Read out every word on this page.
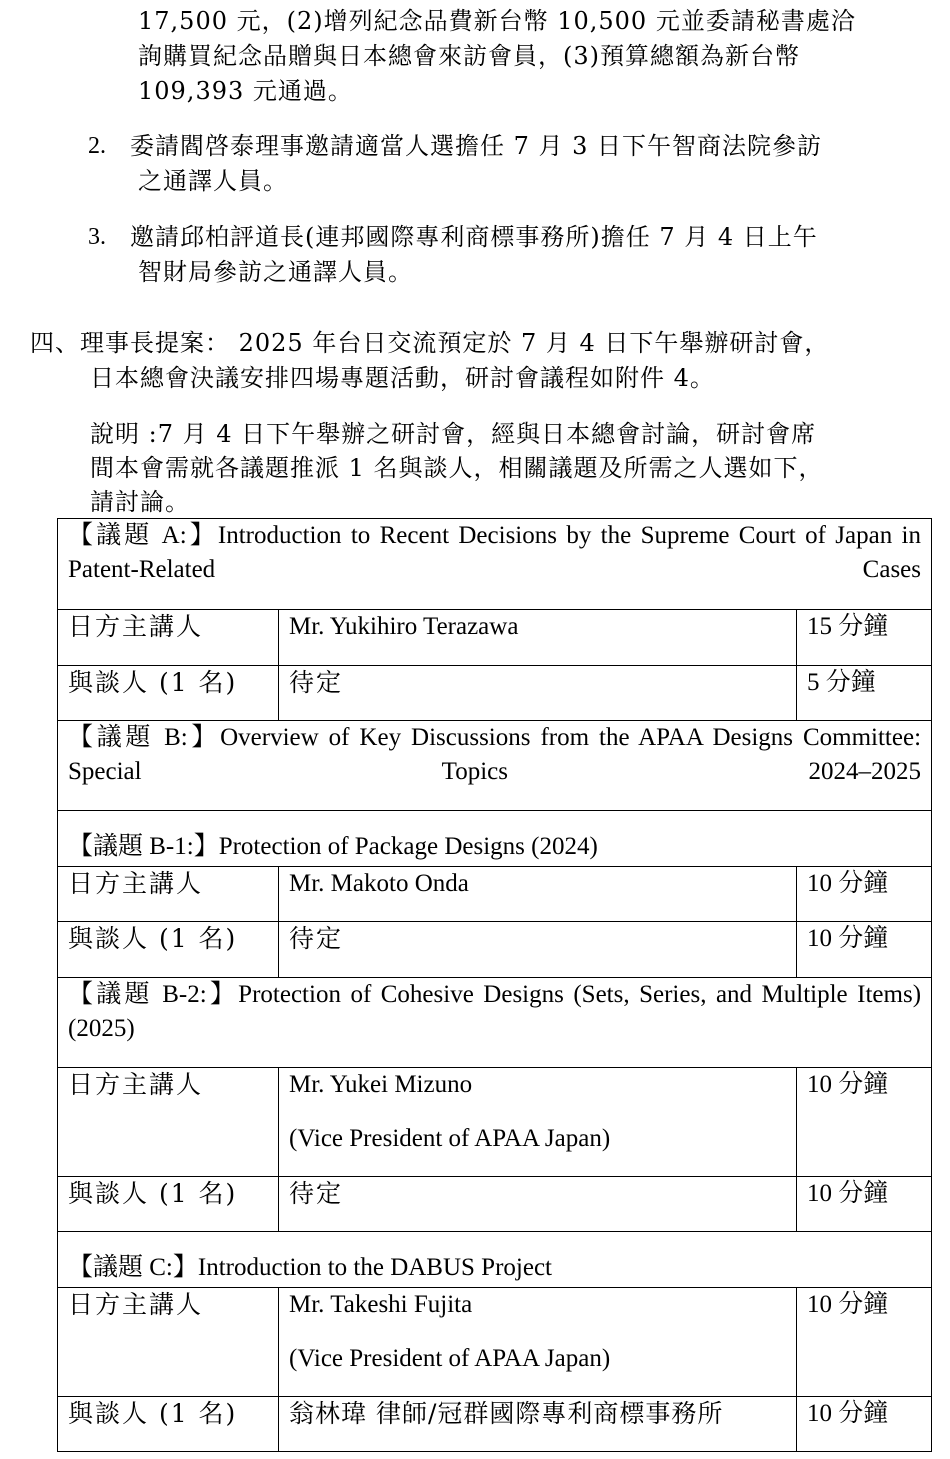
17,500 元，(2)增列紀念品費新台幣 10,500 元並委請秘書處洽
詢購買紀念品贈與日本總會來訪會員，(3)預算總額為新台幣
109,393 元通過。
2. 委請閻啓泰理事邀請適當人選擔任 7 月 3 日下午智商法院參訪
之通譯人員。
3. 邀請邱柏評道長(連邦國際專利商標事務所)擔任 7 月 4 日上午
智財局參訪之通譯人員。
四、理事長提案： 2025 年台日交流預定於 7 月 4 日下午舉辦研討會，
日本總會決議安排四場專題活動，研討會議程如附件 4。
說明 :7 月 4 日下午舉辦之研討會，經與日本總會討論，研討會席
間本會需就各議題推派 1 名與談人，相關議題及所需之人選如下，
請討論。
【議題 A:】Introduction to Recent Decisions by the Supreme Court of Japan in Patent-Related Cases		
日方主講人	Mr. Yukihiro Terazawa	15 分鐘
與談人 (1 名)	待定	5 分鐘
【議題 B:】Overview of Key Discussions from the APAA Designs Committee: Special Topics 2024–2025		
【議題 B-1:】Protection of Package Designs (2024)		
日方主講人	Mr. Makoto Onda	10 分鐘
與談人 (1 名)	待定	10 分鐘
【議題 B-2:】Protection of Cohesive Designs (Sets, Series, and Multiple Items) (2025)		
日方主講人	Mr. Yukei Mizuno
(Vice President of APAA Japan)	10 分鐘
與談人 (1 名)	待定	10 分鐘
【議題 C:】Introduction to the DABUS Project		
日方主講人	Mr. Takeshi Fujita
(Vice President of APAA Japan)	10 分鐘
與談人 (1 名)	翁林瑋 律師/冠群國際專利商標事務所	10 分鐘
